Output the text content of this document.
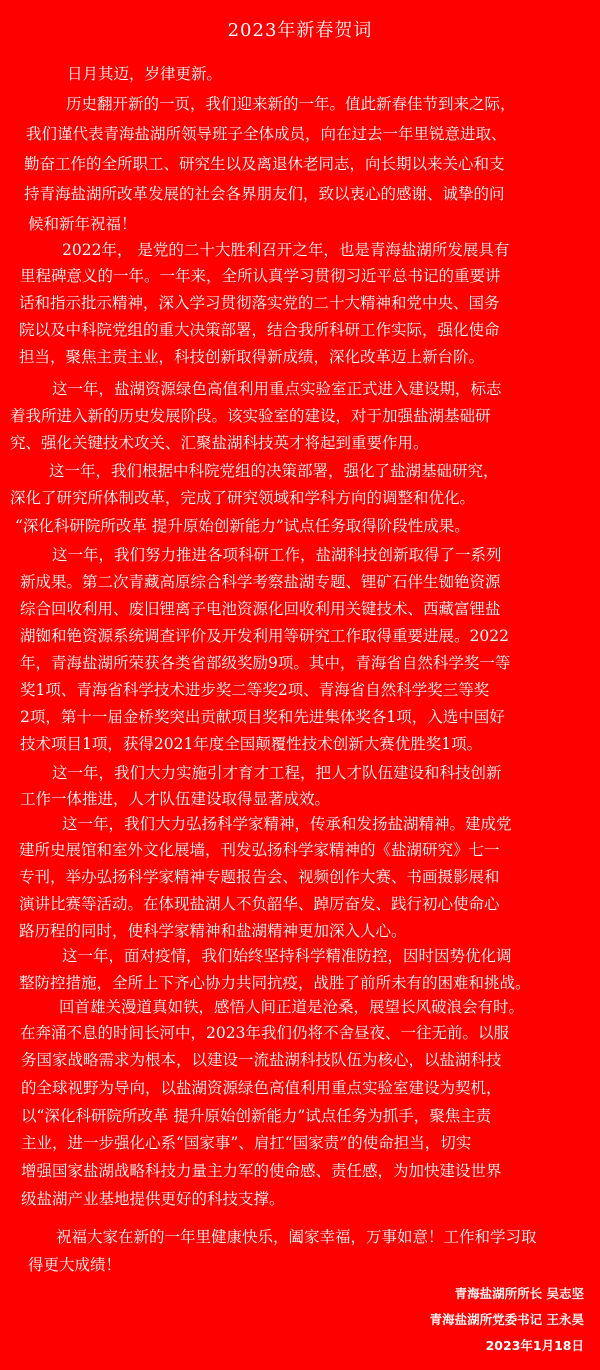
2023年新春贺词
日月其迈，岁律更新。
历史翻开新的一页，我们迎来新的一年。值此新春佳节到来之际，
我们谨代表青海盐湖所领导班子全体成员，向在过去一年里锐意进取、
勤奋工作的全所职工、研究生以及离退休老同志，向长期以来关心和支
持青海盐湖所改革发展的社会各界朋友们，致以衷心的感谢、诚挚的问
候和新年祝福！
2022年， 是党的二十大胜利召开之年，也是青海盐湖所发展具有
里程碑意义的一年。一年来，全所认真学习贯彻习近平总书记的重要讲
话和指示批示精神，深入学习贯彻落实党的二十大精神和党中央、国务
院以及中科院党组的重大决策部署，结合我所科研工作实际，强化使命
担当，聚焦主责主业，科技创新取得新成绩，深化改革迈上新台阶。
这一年，盐湖资源绿色高值利用重点实验室正式进入建设期，标志
着我所进入新的历史发展阶段。该实验室的建设，对于加强盐湖基础研
究、强化关键技术攻关、汇聚盐湖科技英才将起到重要作用。
这一年，我们根据中科院党组的决策部署，强化了盐湖基础研究，
深化了研究所体制改革，完成了研究领域和学科方向的调整和优化。
“深化科研院所改革 提升原始创新能力”试点任务取得阶段性成果。
这一年，我们努力推进各项科研工作，盐湖科技创新取得了一系列
新成果。第二次青藏高原综合科学考察盐湖专题、锂矿石伴生铷铯资源
综合回收利用、废旧锂离子电池资源化回收利用关键技术、西藏富锂盐
湖铷和铯资源系统调查评价及开发利用等研究工作取得重要进展。2022
年，青海盐湖所荣获各类省部级奖励9项。其中，青海省自然科学奖一等
奖1项、青海省科学技术进步奖二等奖2项、青海省自然科学奖三等奖
2项，第十一届金桥奖突出贡献项目奖和先进集体奖各1项，入选中国好
技术项目1项，获得2021年度全国颠覆性技术创新大赛优胜奖1项。
这一年，我们大力实施引才育才工程，把人才队伍建设和科技创新
工作一体推进，人才队伍建设取得显著成效。
这一年，我们大力弘扬科学家精神，传承和发扬盐湖精神。建成党
建所史展馆和室外文化展墙，刊发弘扬科学家精神的《盐湖研究》七一
专刊，举办弘扬科学家精神专题报告会、视频创作大赛、书画摄影展和
演讲比赛等活动。在体现盐湖人不负韶华、踔厉奋发、践行初心使命心
路历程的同时，使科学家精神和盐湖精神更加深入人心。
这一年，面对疫情，我们始终坚持科学精准防控，因时因势优化调
整防控措施，全所上下齐心协力共同抗疫，战胜了前所未有的困难和挑战。
回首雄关漫道真如铁，感悟人间正道是沧桑，展望长风破浪会有时。
在奔涌不息的时间长河中，2023年我们仍将不舍昼夜、一往无前。以服
务国家战略需求为根本，以建设一流盐湖科技队伍为核心，以盐湖科技
的全球视野为导向，以盐湖资源绿色高值利用重点实验室建设为契机，
以“深化科研院所改革 提升原始创新能力”试点任务为抓手，聚焦主责
主业，进一步强化心系“国家事”、肩扛“国家责”的使命担当，切实
增强国家盐湖战略科技力量主力军的使命感、责任感，为加快建设世界
级盐湖产业基地提供更好的科技支撑。
祝福大家在新的一年里健康快乐，阖家幸福，万事如意！工作和学习取
得更大成绩！
青海盐湖所所长 吴志坚
青海盐湖所党委书记 王永昊
2023年1月18日
